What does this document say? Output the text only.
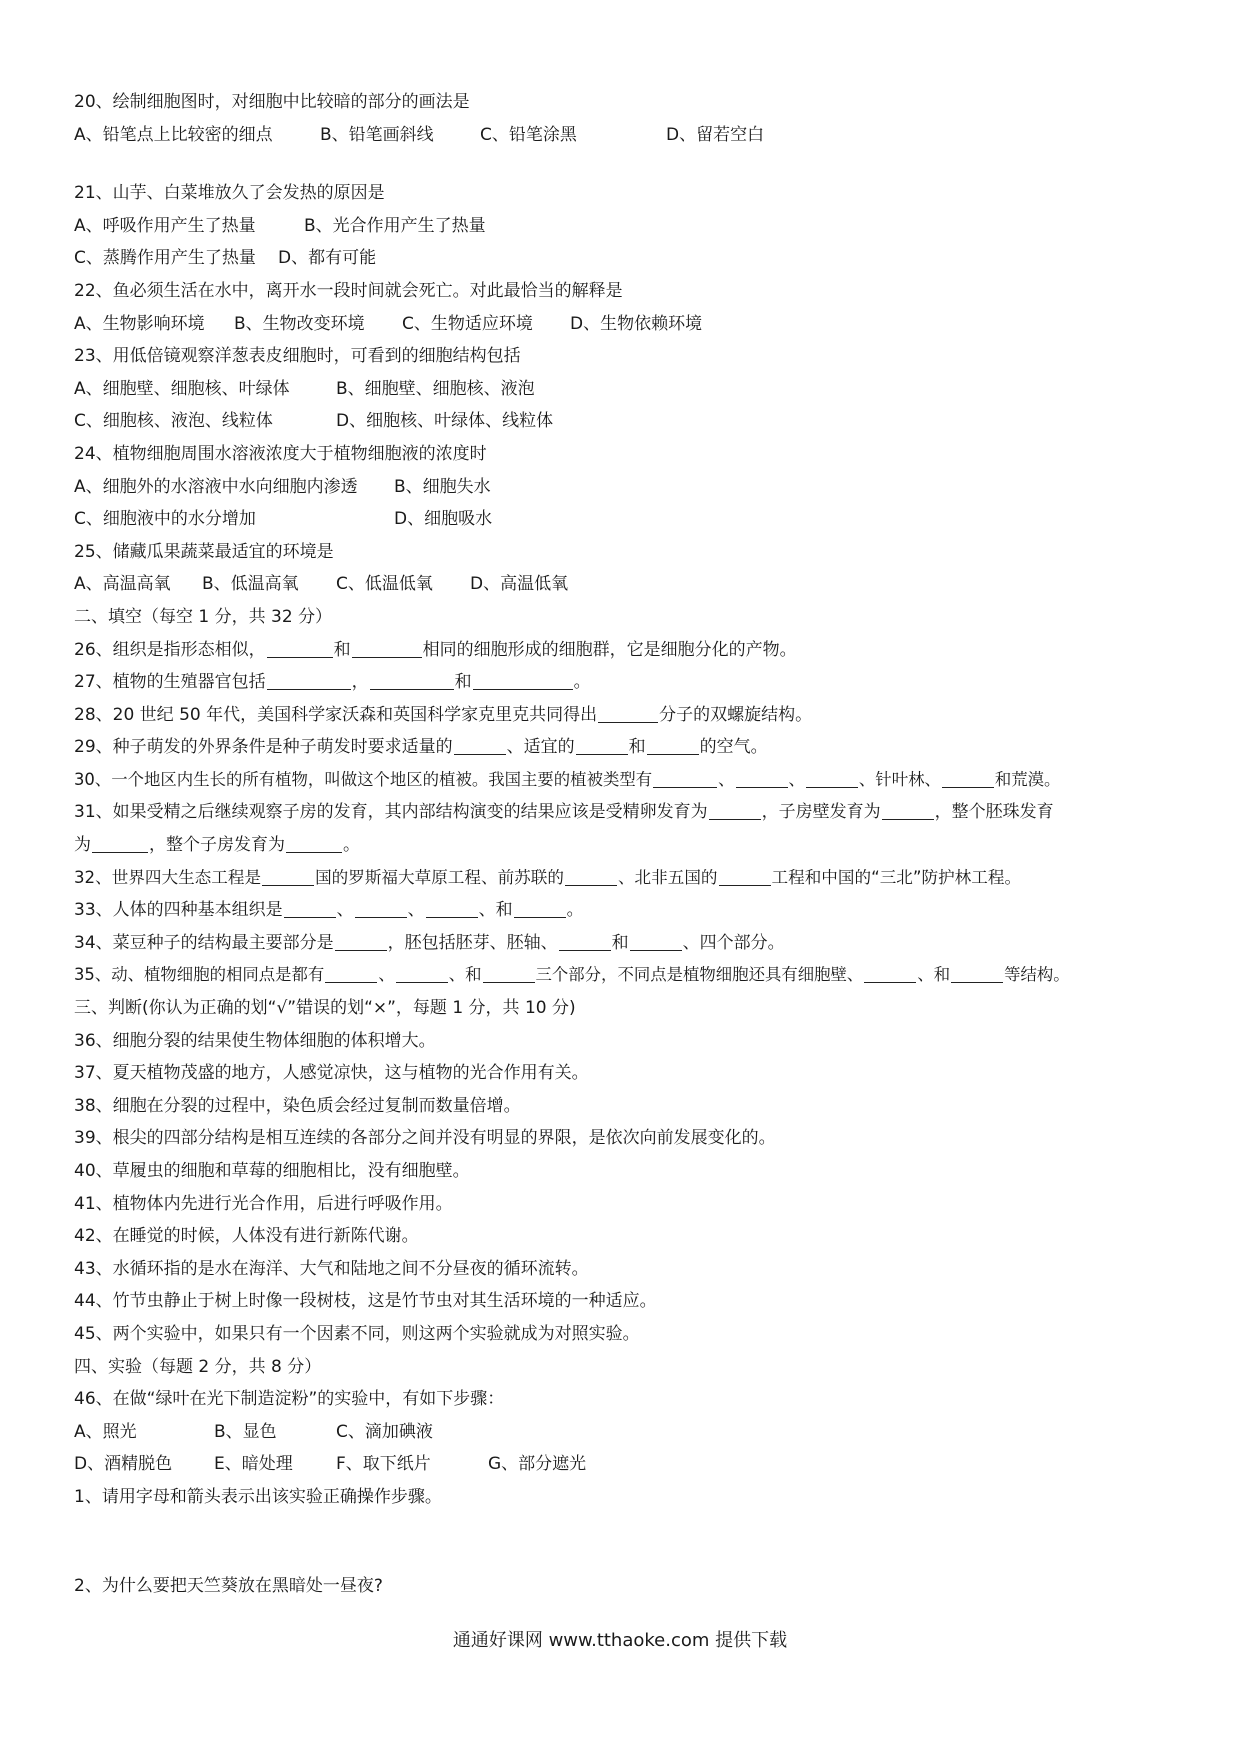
20、绘制细胞图时，对细胞中比较暗的部分的画法是
A、铅笔点上比较密的细点	B、铅笔画斜线	C、铅笔涂黑	D、留若空白
21、山芋、白菜堆放久了会发热的原因是
A、呼吸作用产生了热量	B、光合作用产生了热量
C、蒸腾作用产生了热量 D、都有可能
22、鱼必须生活在水中，离开水一段时间就会死亡。对此最恰当的解释是
A、生物影响环境 B、生物改变环境 C、生物适应环境 D、生物依赖环境
23、用低倍镜观察洋葱表皮细胞时，可看到的细胞结构包括
A、细胞壁、细胞核、叶绿体	B、细胞壁、细胞核、液泡
C、细胞核、液泡、线粒体	D、细胞核、叶绿体、线粒体
24、植物细胞周围水溶液浓度大于植物细胞液的浓度时
A、细胞外的水溶液中水向细胞内渗透 B、细胞失水
C、细胞液中的水分增加	D、细胞吸水
25、储藏瓜果蔬菜最适宜的环境是
A、高温高氧 B、低温高氧 C、低温低氧 D、高温低氧
二、填空（每空 1 分，共 32 分）
26、组织是指形态相似，	和	相同的细胞形成的细胞群，它是细胞分化的产物。
27、植物的生殖器官包括	，	和	。
28、20 世纪 50 年代，美国科学家沃森和英国科学家克里克共同得出	分子的双螺旋结构。
29、种子萌发的外界条件是种子萌发时要求适量的	、适宜的	和	的空气。
30、一个地区内生长的所有植物，叫做这个地区的植被。我国主要的植被类型有	、	、	、针叶林、	和荒漠。
31、如果受精之后继续观察子房的发育，其内部结构演变的结果应该是受精卵发育为	，子房壁发育为	，整个胚珠发育
为	，整个子房发育为	。
32、世界四大生态工程是	国的罗斯福大草原工程、前苏联的	、北非五国的	工程和中国的“三北”防护林工程。
33、人体的四种基本组织是	、	、	、和	。
34、菜豆种子的结构最主要部分是	，胚包括胚芽、胚轴、	和	、四个部分。
35、动、植物细胞的相同点是都有	、	、和	三个部分，不同点是植物细胞还具有细胞壁、	、和	等结构。
三、判断(你认为正确的划“√”错误的划“×”，每题 1 分，共 10 分)
36、细胞分裂的结果使生物体细胞的体积增大。
37、夏天植物茂盛的地方，人感觉凉快，这与植物的光合作用有关。
38、细胞在分裂的过程中，染色质会经过复制而数量倍增。
39、根尖的四部分结构是相互连续的各部分之间并没有明显的界限，是依次向前发展变化的。
40、草履虫的细胞和草莓的细胞相比，没有细胞壁。
41、植物体内先进行光合作用，后进行呼吸作用。
42、在睡觉的时候，人体没有进行新陈代谢。
43、水循环指的是水在海洋、大气和陆地之间不分昼夜的循环流转。
44、竹节虫静止于树上时像一段树枝，这是竹节虫对其生活环境的一种适应。
45、两个实验中，如果只有一个因素不同，则这两个实验就成为对照实验。
四、实验（每题 2 分，共 8 分）
46、在做“绿叶在光下制造淀粉”的实验中，有如下步骤：
A、照光	B、显色	C、滴加碘液
D、酒精脱色 E、暗处理	F、取下纸片	G、部分遮光
1、请用字母和箭头表示出该实验正确操作步骤。
2、为什么要把天竺葵放在黑暗处一昼夜?
通通好课网 www.tthaoke.com 提供下载
